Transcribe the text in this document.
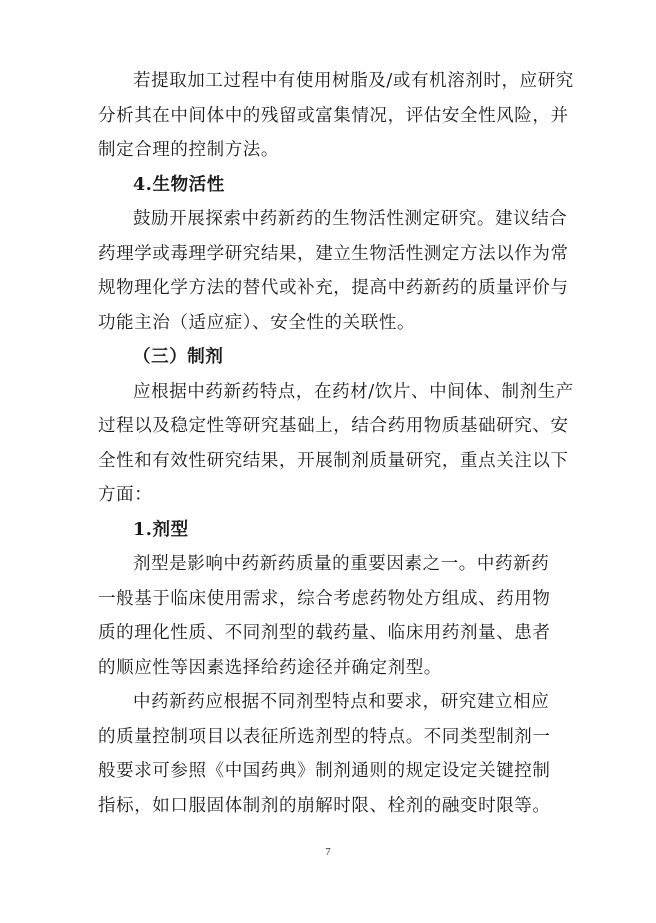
若提取加工过程中有使用树脂及/或有机溶剂时，应研究
分析其在中间体中的残留或富集情况，评估安全性风险，并
制定合理的控制方法。

4.生物活性

鼓励开展探索中药新药的生物活性测定研究。建议结合
药理学或毒理学研究结果，建立生物活性测定方法以作为常
规物理化学方法的替代或补充，提高中药新药的质量评价与
功能主治（适应症）、安全性的关联性。

（三）制剂

应根据中药新药特点，在药材/饮片、中间体、制剂生产
过程以及稳定性等研究基础上，结合药用物质基础研究、安
全性和有效性研究结果，开展制剂质量研究，重点关注以下
方面：

1.剂型

剂型是影响中药新药质量的重要因素之一。中药新药
一般基于临床使用需求，综合考虑药物处方组成、药用物
质的理化性质、不同剂型的载药量、临床用药剂量、患者
的顺应性等因素选择给药途径并确定剂型。

中药新药应根据不同剂型特点和要求，研究建立相应
的质量控制项目以表征所选剂型的特点。不同类型制剂一
般要求可参照《中国药典》制剂通则的规定设定关键控制
指标，如口服固体制剂的崩解时限、栓剂的融变时限等。

7
